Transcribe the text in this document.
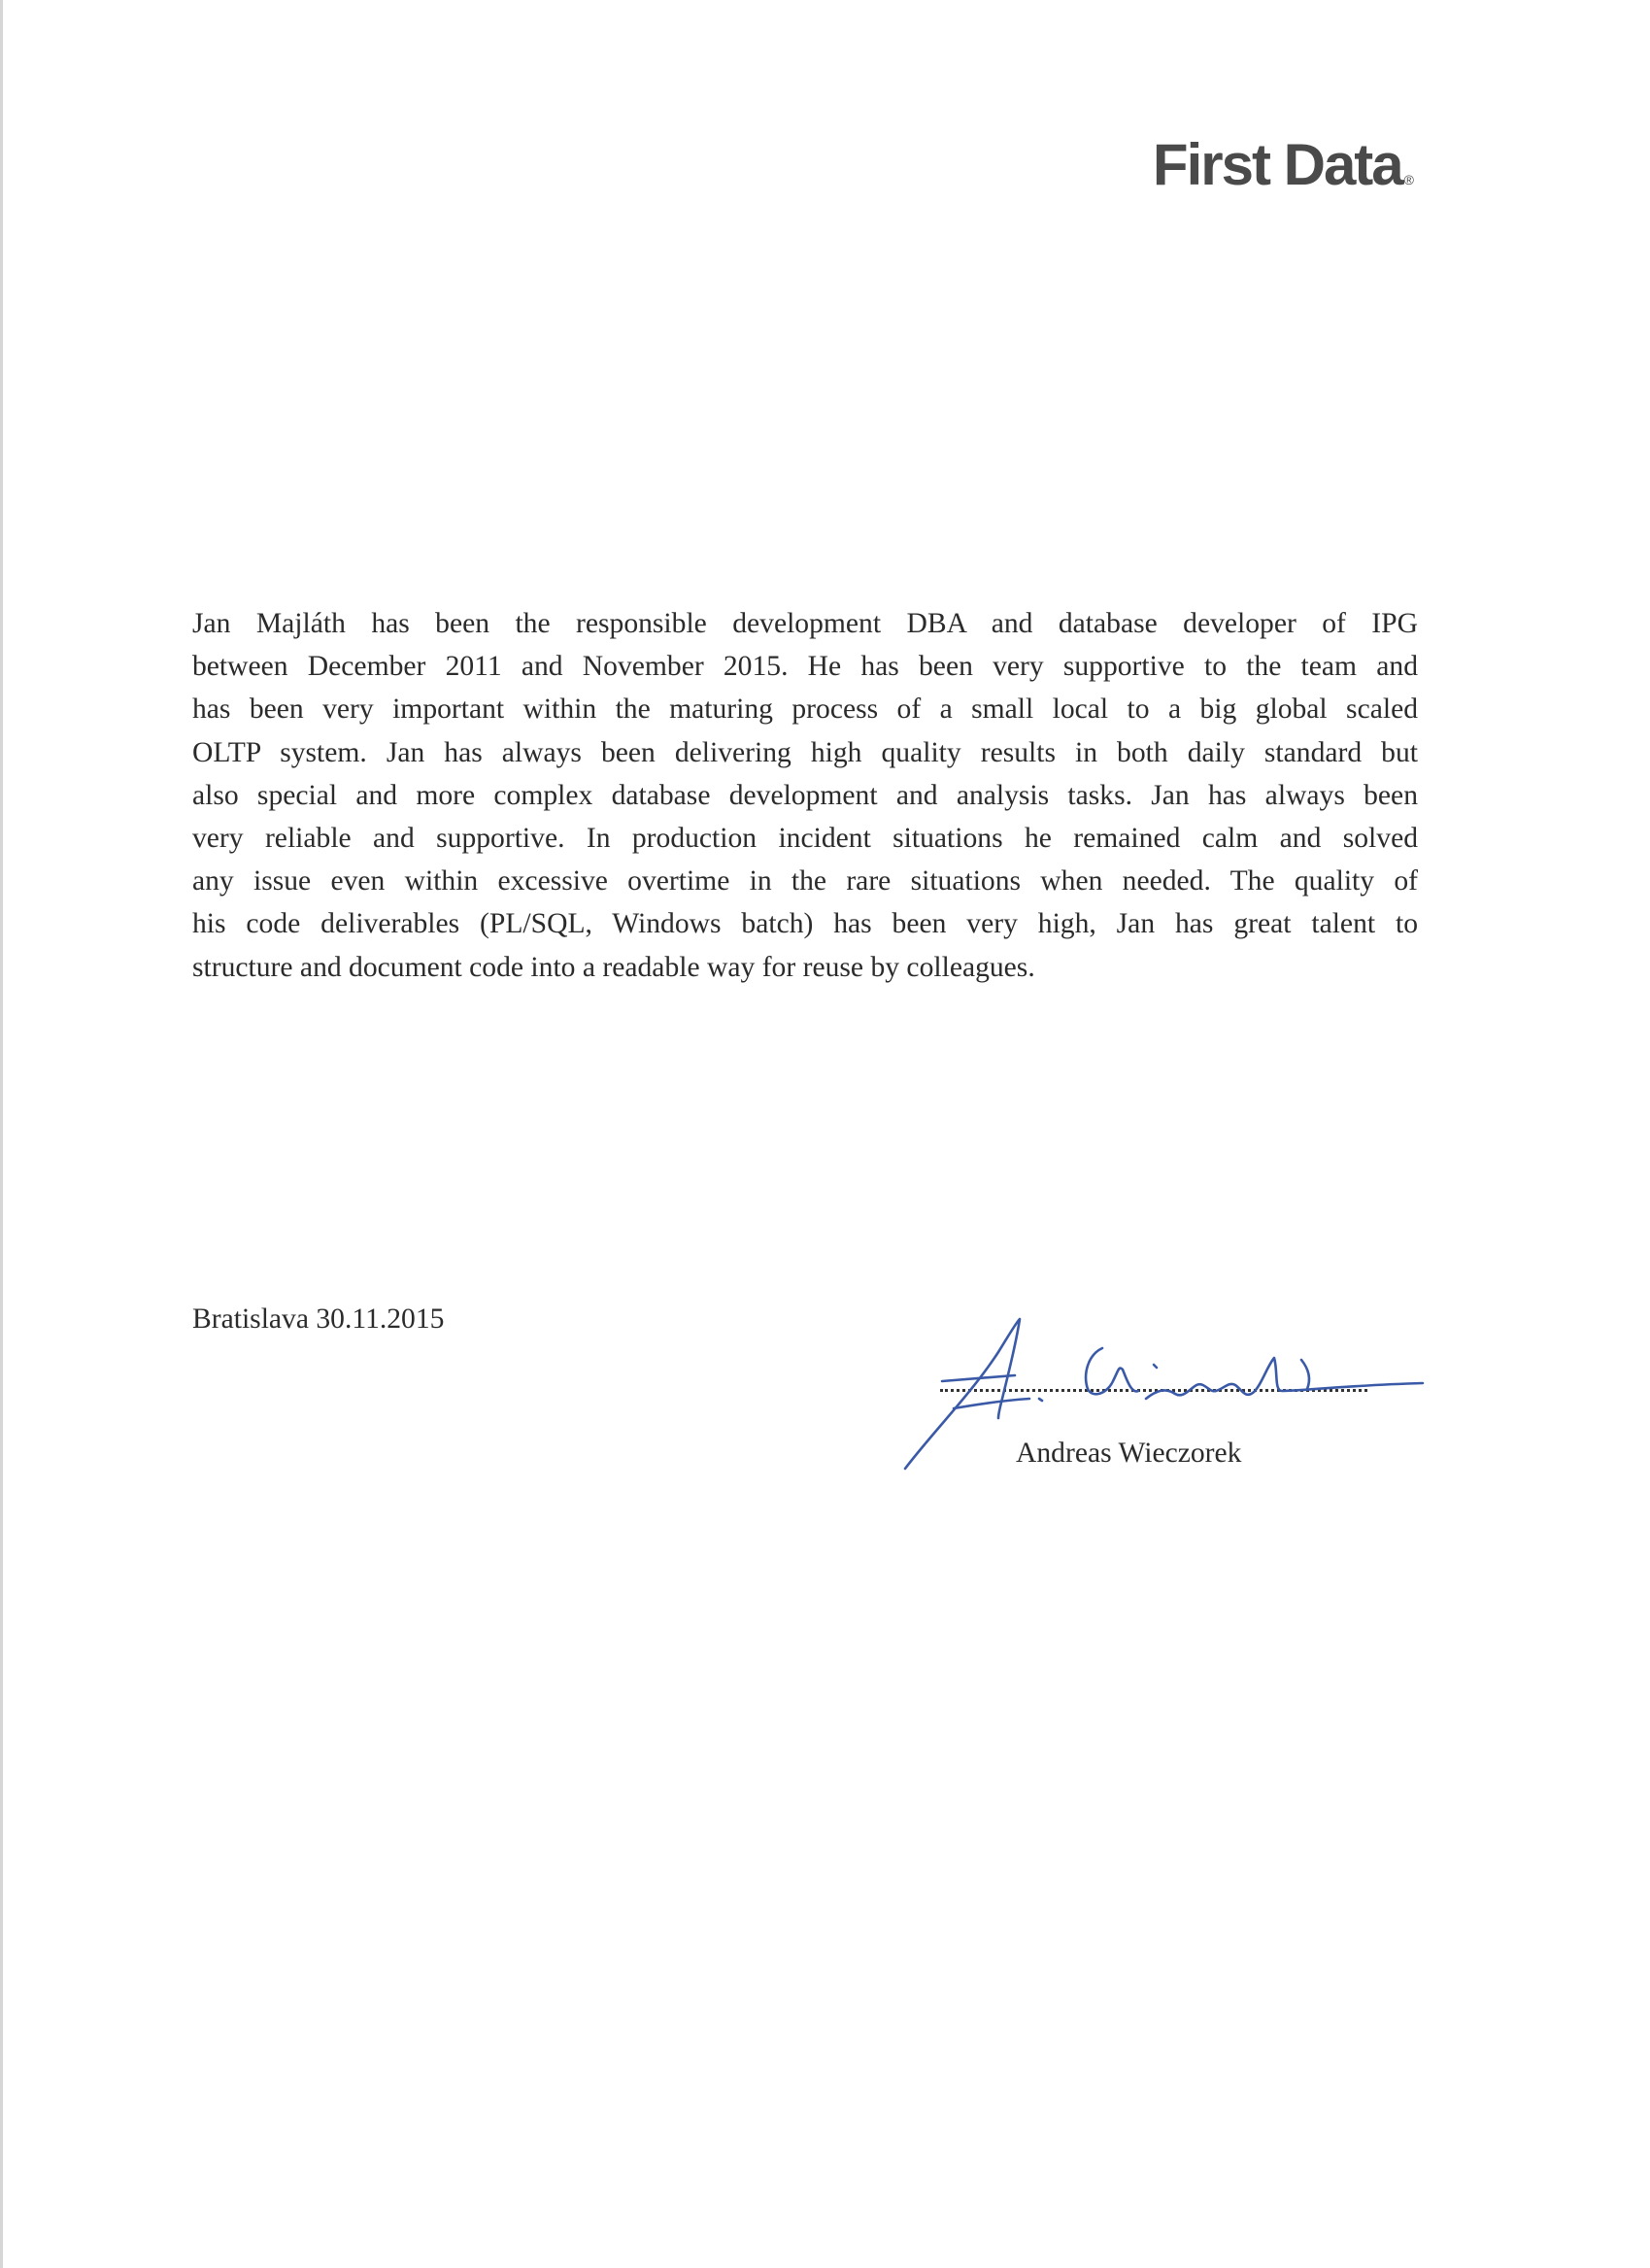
First Data ®
Jan Majláth has been the responsible development DBA and database developer of IPG
between December 2011 and November 2015. He has been very supportive to the team and
has been very important within the maturing process of a small local to a big global scaled
OLTP system. Jan has always been delivering high quality results in both daily standard but
also special and more complex database development and analysis tasks. Jan has always been
very reliable and supportive. In production incident situations he remained calm and solved
any issue even within excessive overtime in the rare situations when needed. The quality of
his code deliverables (PL/SQL, Windows batch) has been very high, Jan has great talent to
structure and document code into a readable way for reuse by colleagues.

Bratislava 30.11.2015

Andreas Wieczorek
